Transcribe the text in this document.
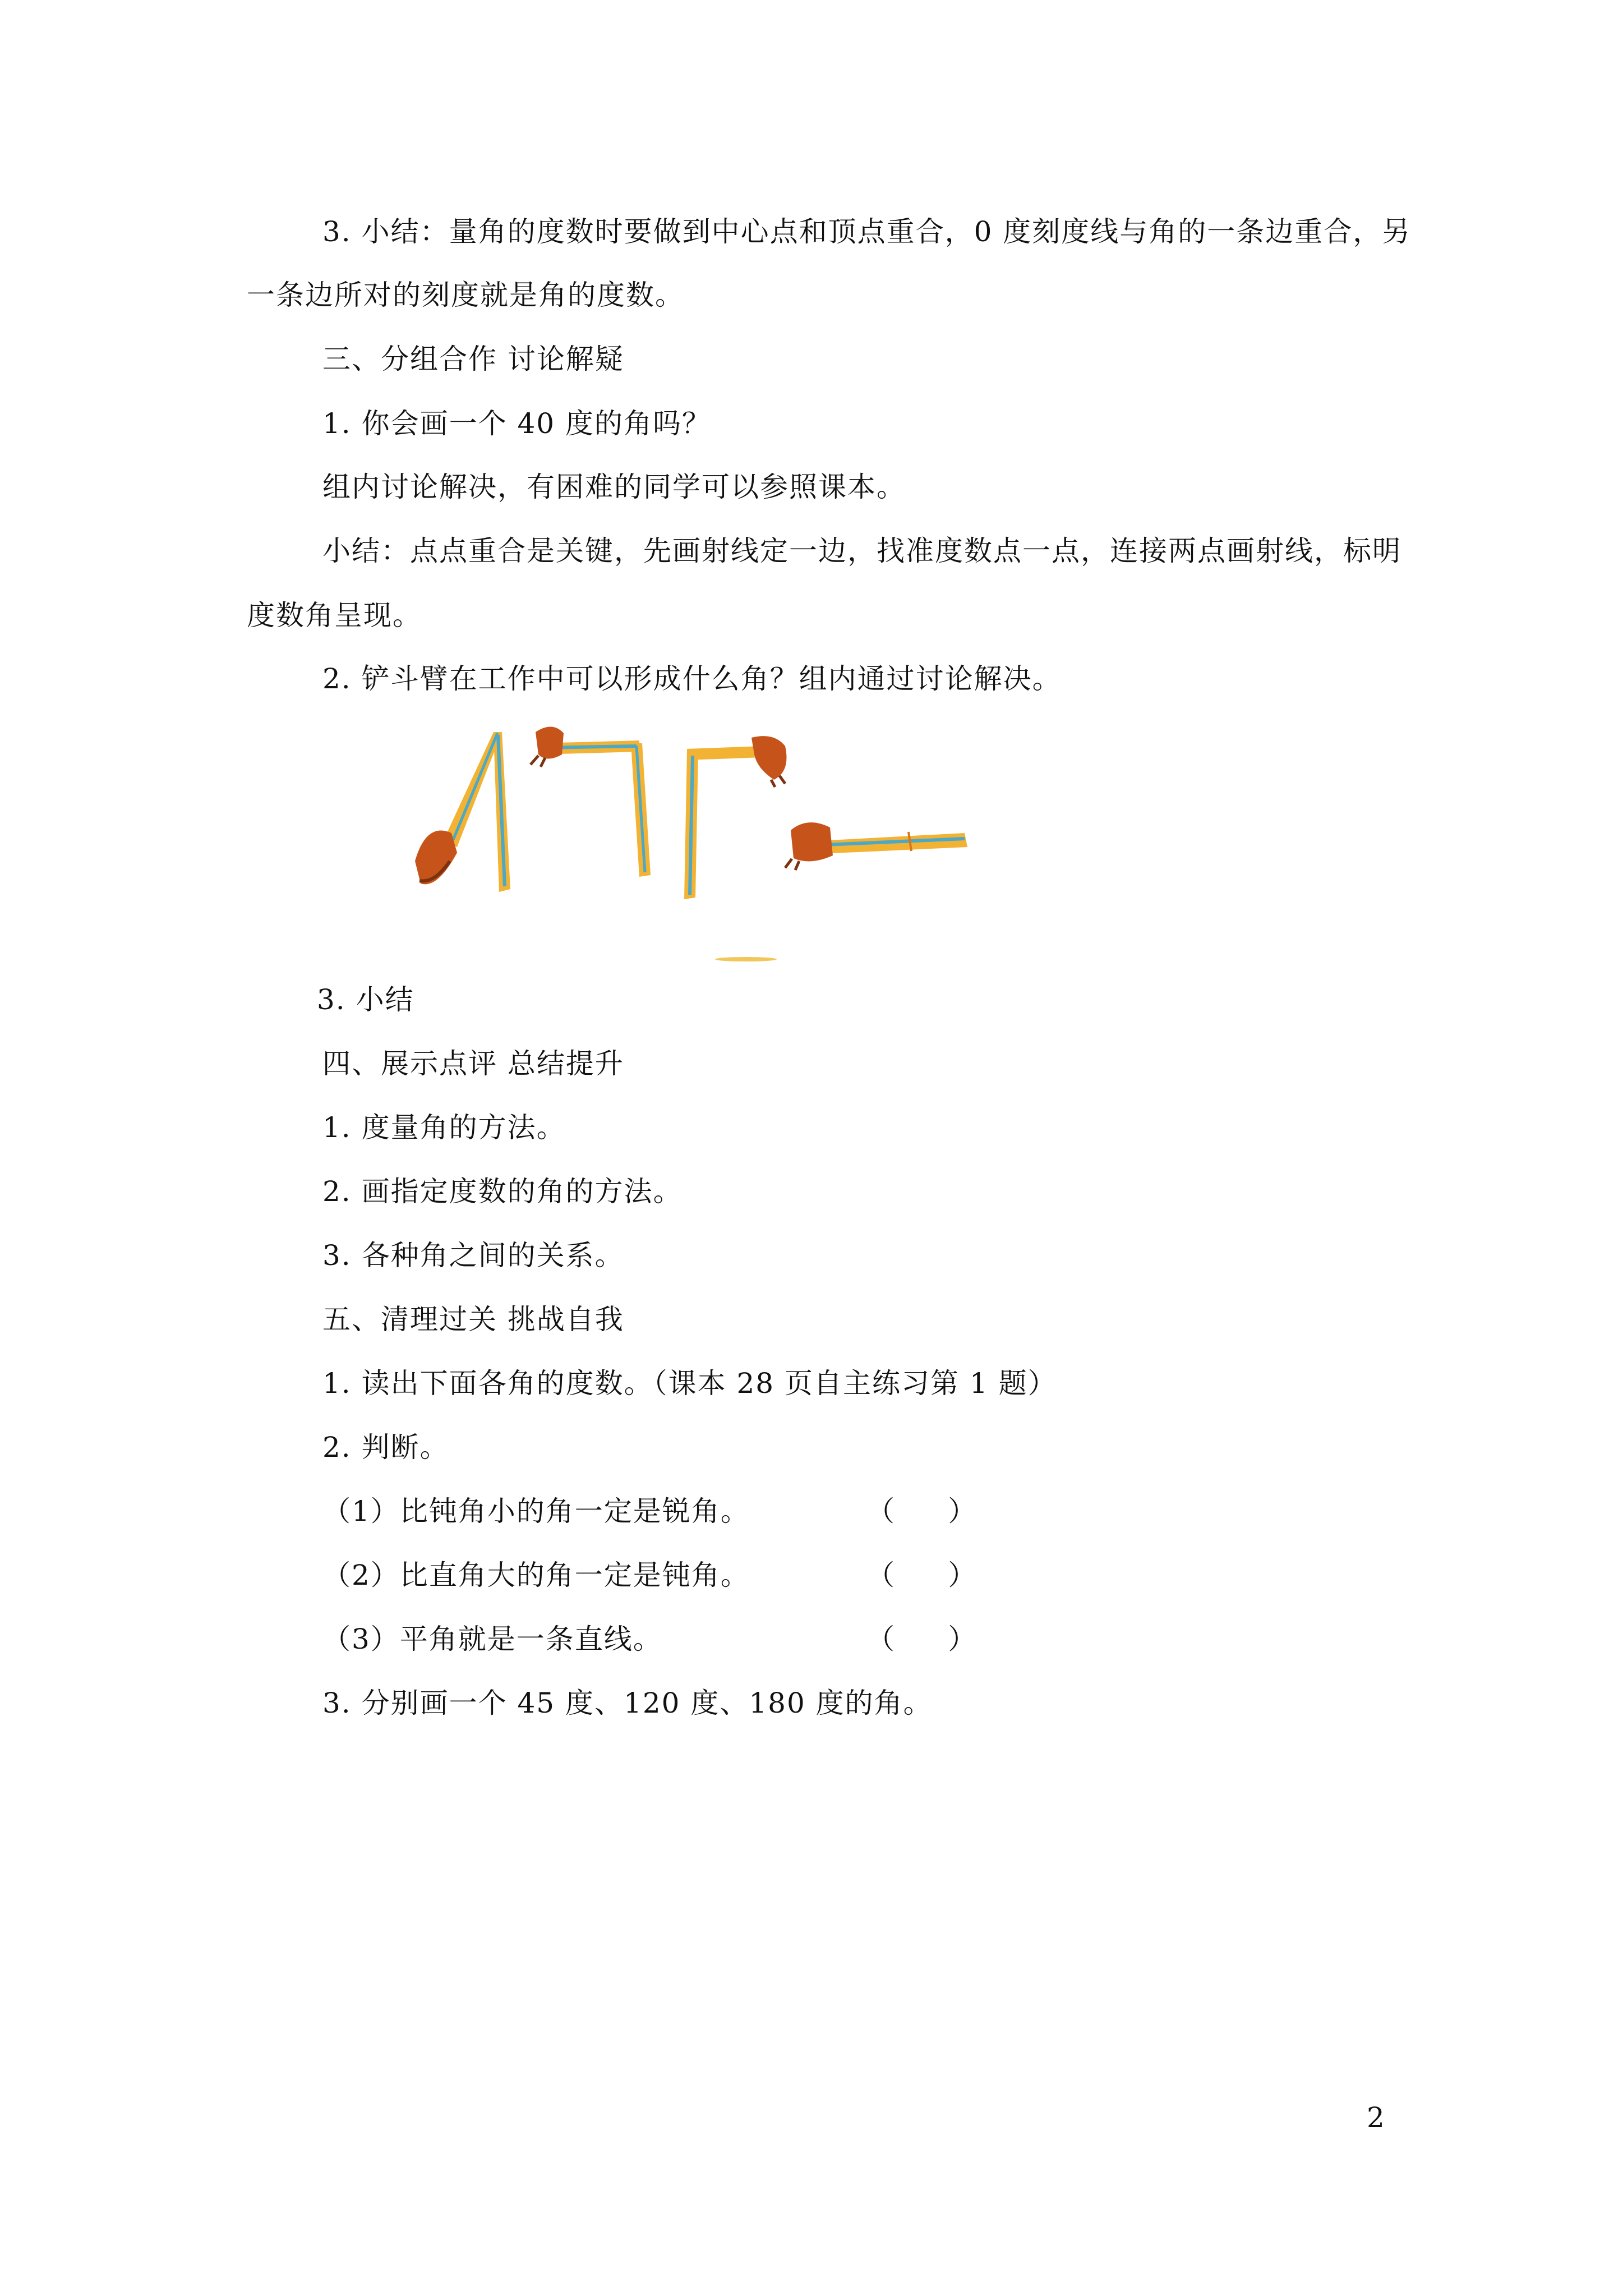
3. 小结：量角的度数时要做到中心点和顶点重合，0 度刻度线与角的一条边重合，另
一条边所对的刻度就是角的度数。
三、分组合作 讨论解疑
1. 你会画一个 40 度的角吗？
组内讨论解决，有困难的同学可以参照课本。
小结：点点重合是关键，先画射线定一边，找准度数点一点，连接两点画射线，标明
度数角呈现。
2. 铲斗臂在工作中可以形成什么角？组内通过讨论解决。
3. 小结
四、展示点评 总结提升
1. 度量角的方法。
2. 画指定度数的角的方法。
3. 各种角之间的关系。
五、清理过关 挑战自我
1. 读出下面各角的度数。（课本 28 页自主练习第 1 题）
2. 判断。
（1）比钝角小的角一定是锐角。	（      ）
（2）比直角大的角一定是钝角。	（      ）
（3）平角就是一条直线。	（      ）
3. 分别画一个 45 度、120 度、180 度的角。
2
